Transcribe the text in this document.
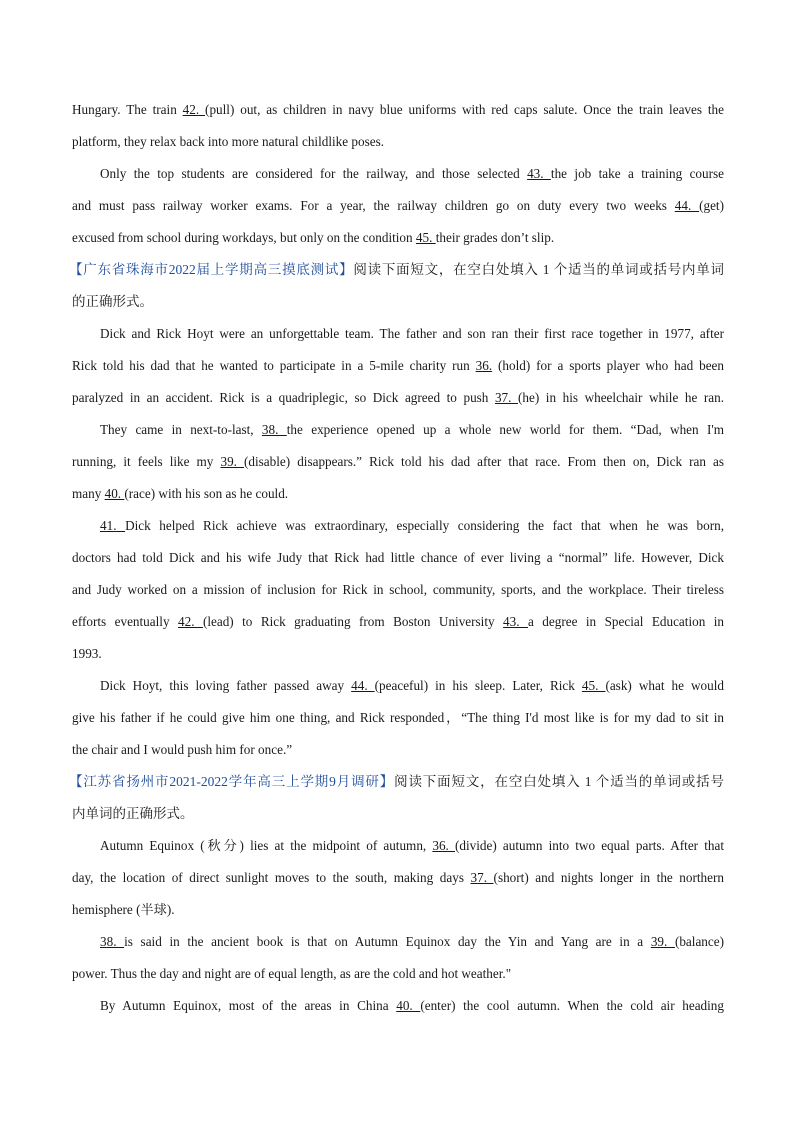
Hungary. The train 42. (pull) out, as children in navy blue uniforms with red caps salute. Once the train leaves the
platform, they relax back into more natural childlike poses.
Only the top students are considered for the railway, and those selected 43. the job take a training course
and must pass railway worker exams. For a year, the railway children go on duty every two weeks 44. (get)
excused from school during workdays, but only on the condition 45. their grades don’t slip.
【广东省珠海市2022届上学期高三摸底测试】阅读下面短文，在空白处填入 1 个适当的单词或括号内单词
的正确形式。
Dick and Rick Hoyt were an unforgettable team. The father and son ran their first race together in 1977, after
Rick told his dad that he wanted to participate in a 5-mile charity run 36. (hold) for a sports player who had been
paralyzed in an accident. Rick is a quadriplegic, so Dick agreed to push 37. (he) in his wheelchair while he ran.
They came in next-to-last, 38. the experience opened up a whole new world for them. “Dad, when I'm
running, it feels like my 39. (disable) disappears.” Rick told his dad after that race. From then on, Dick ran as
many 40. (race) with his son as he could.
41. Dick helped Rick achieve was extraordinary, especially considering the fact that when he was born,
doctors had told Dick and his wife Judy that Rick had little chance of ever living a “normal” life. However, Dick
and Judy worked on a mission of inclusion for Rick in school, community, sports, and the workplace. Their tireless
efforts eventually 42. (lead) to Rick graduating from Boston University 43. a degree in Special Education in
1993.
Dick Hoyt, this loving father passed away 44. (peaceful) in his sleep. Later, Rick 45. (ask) what he would
give his father if he could give him one thing, and Rick responded，“The thing I'd most like is for my dad to sit in
the chair and I would push him for once.”
【江苏省扬州市2021-2022学年高三上学期9月调研】阅读下面短文，在空白处填入 1 个适当的单词或括号
内单词的正确形式。
Autumn Equinox (秋分) lies at the midpoint of autumn, 36. (divide) autumn into two equal parts. After that
day, the location of direct sunlight moves to the south, making days 37. (short) and nights longer in the northern
hemisphere (半球).
38. is said in the ancient book is that on Autumn Equinox day the Yin and Yang are in a 39. (balance)
power. Thus the day and night are of equal length, as are the cold and hot weather."
By Autumn Equinox, most of the areas in China 40. (enter) the cool autumn. When the cold air heading
